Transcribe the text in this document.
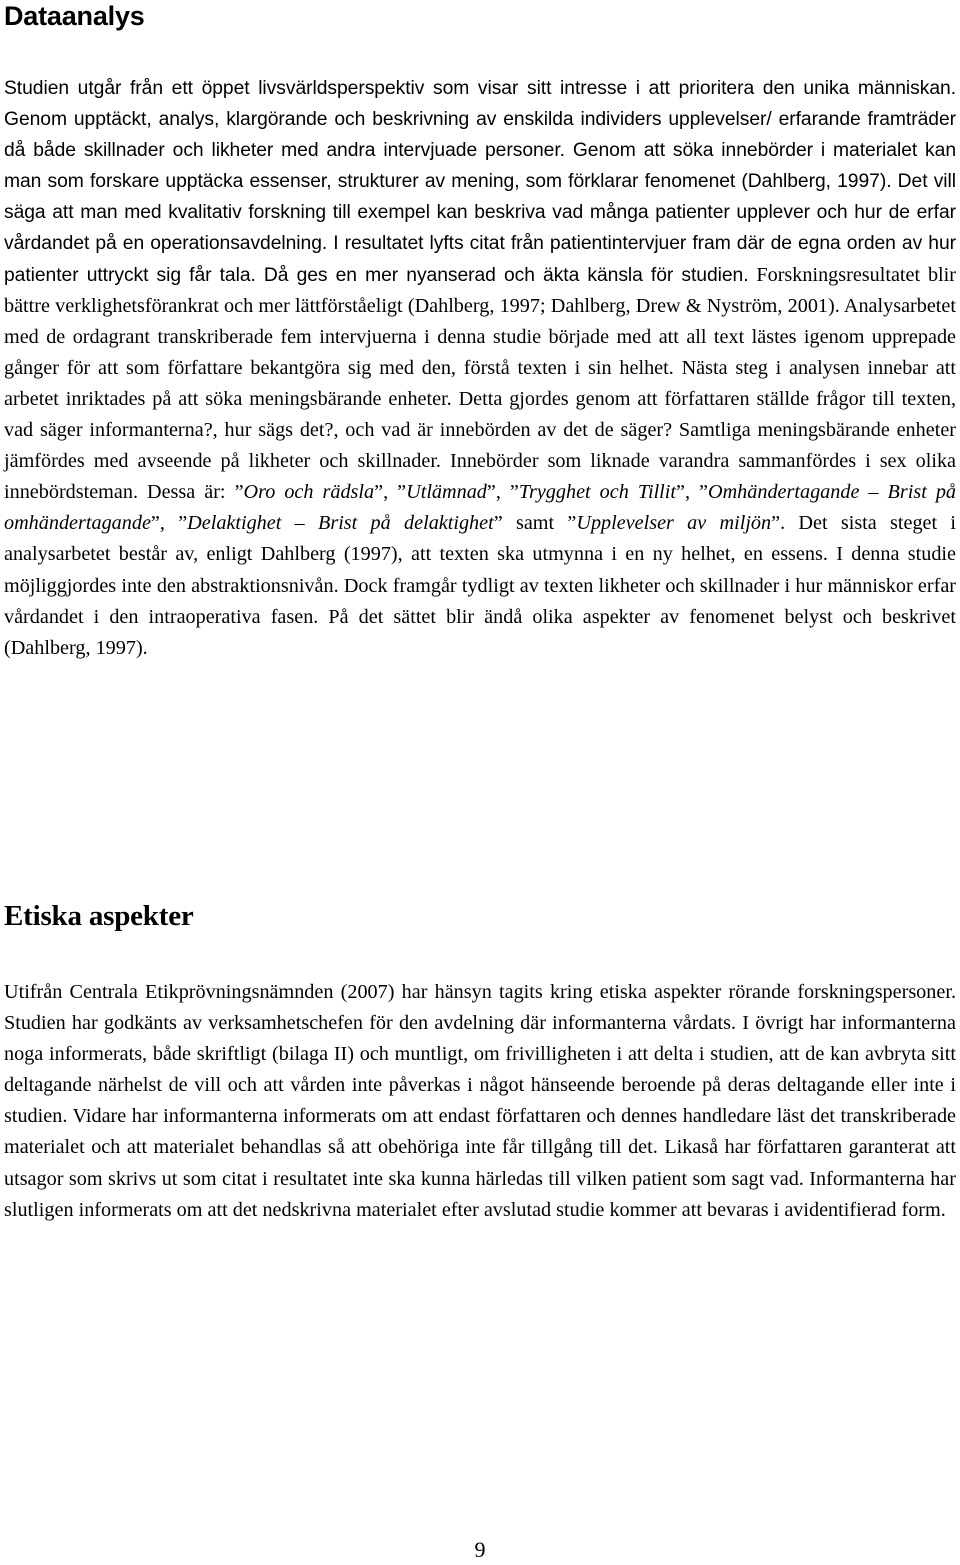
Dataanalys

Studien utgår från ett öppet livsvärldsperspektiv som visar sitt intresse i att prioritera den unika människan. Genom upptäckt, analys, klargörande och beskrivning av enskilda individers upplevelser/ erfarande framträder då både skillnader och likheter med andra intervjuade personer. Genom att söka innebörder i materialet kan man som forskare upptäcka essenser, strukturer av mening, som förklarar fenomenet (Dahlberg, 1997). Det vill säga att man med kvalitativ forskning till exempel kan beskriva vad många patienter upplever och hur de erfar vårdandet på en operationsavdelning. I resultatet lyfts citat från patientintervjuer fram där de egna orden av hur patienter uttryckt sig får tala. Då ges en mer nyanserad och äkta känsla för studien. Forskningsresultatet blir bättre verklighetsförankrat och mer lättförståeligt (Dahlberg, 1997; Dahlberg, Drew & Nyström, 2001). Analysarbetet med de ordagrant transkriberade fem intervjuerna i denna studie började med att all text lästes igenom upprepade gånger för att som författare bekantgöra sig med den, förstå texten i sin helhet. Nästa steg i analysen innebar att arbetet inriktades på att söka meningsbärande enheter. Detta gjordes genom att författaren ställde frågor till texten, vad säger informanterna?, hur sägs det?, och vad är innebörden av det de säger? Samtliga meningsbärande enheter jämfördes med avseende på likheter och skillnader. Innebörder som liknade varandra sammanfördes i sex olika innebördsteman. Dessa är: ”Oro och rädsla”, ”Utlämnad”, ”Trygghet och Tillit”, ”Omhändertagande – Brist på omhändertagande”, ”Delaktighet – Brist på delaktighet” samt ”Upplevelser av miljön”. Det sista steget i analysarbetet består av, enligt Dahlberg (1997), att texten ska utmynna i en ny helhet, en essens. I denna studie möjliggjordes inte den abstraktionsnivån. Dock framgår tydligt av texten likheter och skillnader i hur människor erfar vårdandet i den intraoperativa fasen. På det sättet blir ändå olika aspekter av fenomenet belyst och beskrivet (Dahlberg, 1997).

Etiska aspekter

Utifrån Centrala Etikprövningsnämnden (2007) har hänsyn tagits kring etiska aspekter rörande forskningspersoner. Studien har godkänts av verksamhetschefen för den avdelning där informanterna vårdats. I övrigt har informanterna noga informerats, både skriftligt (bilaga II) och muntligt, om frivilligheten i att delta i studien, att de kan avbryta sitt deltagande närhelst de vill och att vården inte påverkas i något hänseende beroende på deras deltagande eller inte i studien. Vidare har informanterna informerats om att endast författaren och dennes handledare läst det transkriberade materialet och att materialet behandlas så att obehöriga inte får tillgång till det. Likaså har författaren garanterat att utsagor som skrivs ut som citat i resultatet inte ska kunna härledas till vilken patient som sagt vad. Informanterna har slutligen informerats om att det nedskrivna materialet efter avslutad studie kommer att bevaras i avidentifierad form.

9
